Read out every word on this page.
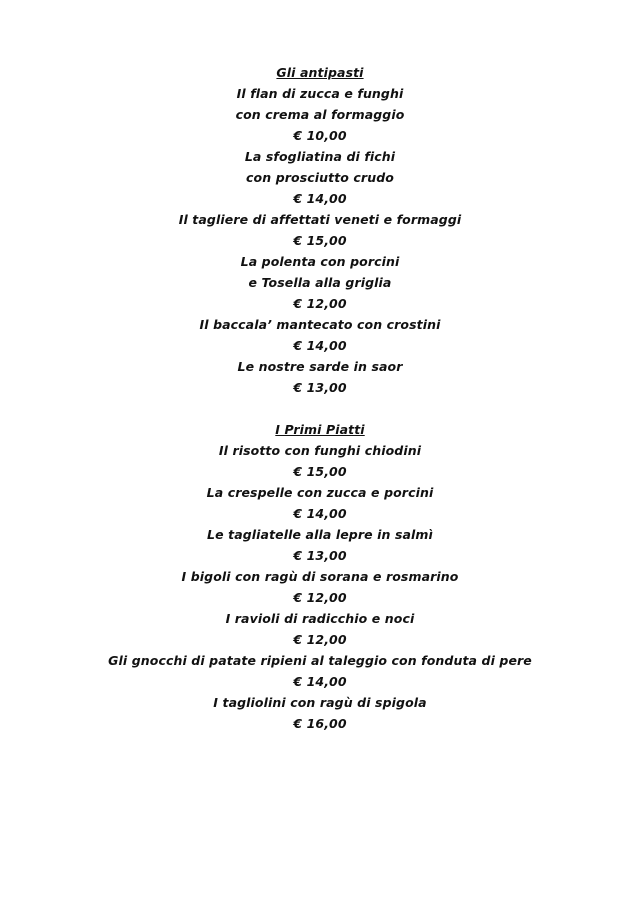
Gli antipasti
Il flan di zucca e funghi
con crema al formaggio
€ 10,00
La sfogliatina di fichi
con prosciutto crudo
€ 14,00
Il tagliere di affettati veneti e formaggi
€ 15,00
La polenta con porcini
e Tosella alla griglia
€ 12,00
Il baccala’ mantecato con crostini
€ 14,00
Le nostre sarde in saor
€ 13,00
I Primi Piatti
Il risotto con funghi chiodini
€ 15,00
La crespelle con zucca e porcini
€ 14,00
Le tagliatelle alla lepre in salmì
€ 13,00
I bigoli con ragù di sorana e rosmarino
€ 12,00
I ravioli di radicchio e noci
€ 12,00
Gli gnocchi di patate ripieni al taleggio con fonduta di pere
€ 14,00
I tagliolini con ragù di spigola
€ 16,00
